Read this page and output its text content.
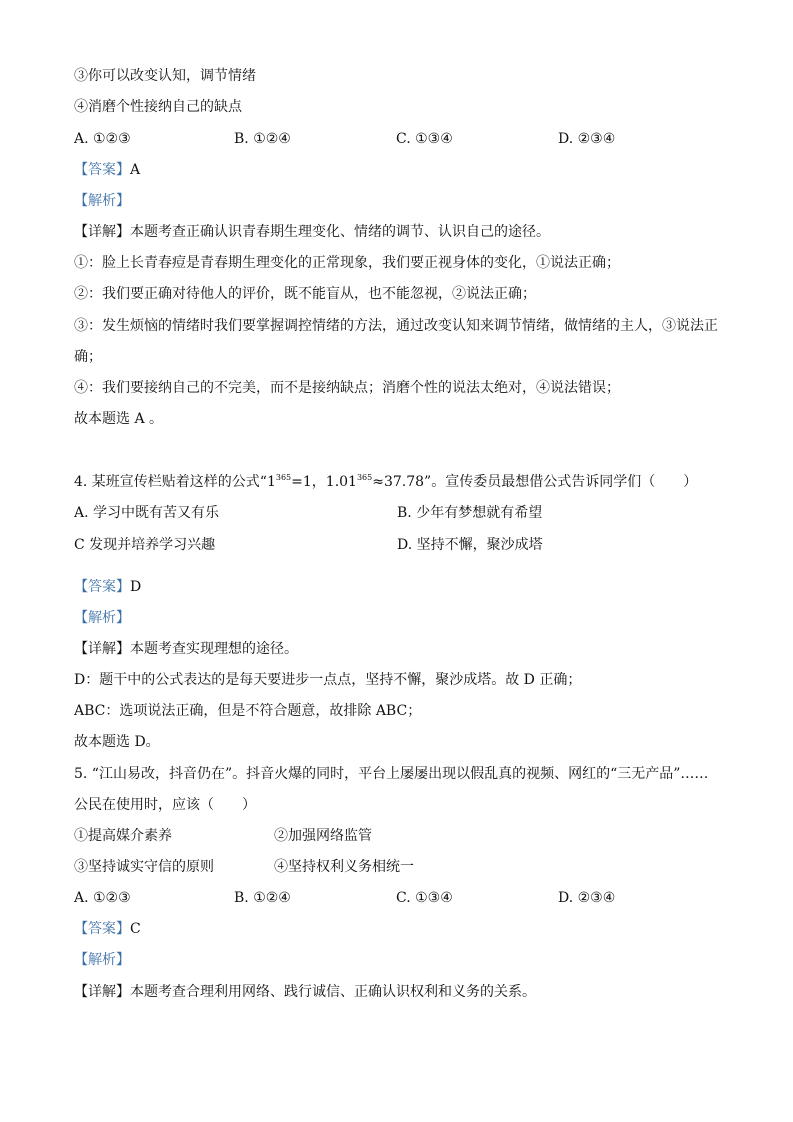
③你可以改变认知，调节情绪
④消磨个性接纳自己的缺点
A. ①②③	B. ①②④	C. ①③④	D. ②③④
【答案】A
【解析】
【详解】本题考查正确认识青春期生理变化、情绪的调节、认识自己的途径。
①：脸上长青春痘是青春期生理变化的正常现象，我们要正视身体的变化，①说法正确；
②：我们要正确对待他人的评价，既不能盲从，也不能忽视，②说法正确；
③：发生烦恼的情绪时我们要掌握调控情绪的方法，通过改变认知来调节情绪，做情绪的主人，③说法正
确；
④：我们要接纳自己的不完美，而不是接纳缺点；消磨个性的说法太绝对，④说法错误；
故本题选 A 。
4. 某班宣传栏贴着这样的公式“$1^{365}=1$，$1.01^{365}\approx 37.78$”。宣传委员最想借公式告诉同学们（　　）
A. 学习中既有苦又有乐	B. 少年有梦想就有希望
C 发现并培养学习兴趣	D. 坚持不懈，聚沙成塔
【答案】D
【解析】
【详解】本题考查实现理想的途径。
D：题干中的公式表达的是每天要进步一点点，坚持不懈，聚沙成塔。故 D 正确；
ABC：选项说法正确，但是不符合题意，故排除 ABC；
故本题选 D。
5. “江山易改，抖音仍在”。抖音火爆的同时，平台上屡屡出现以假乱真的视频、网红的“三无产品”……
公民在使用时，应该（　　）
①提高媒介素养	②加强网络监管
③坚持诚实守信的原则	④坚持权利义务相统一
A. ①②③	B. ①②④	C. ①③④	D. ②③④
【答案】C
【解析】
【详解】本题考查合理利用网络、践行诚信、正确认识权利和义务的关系。
